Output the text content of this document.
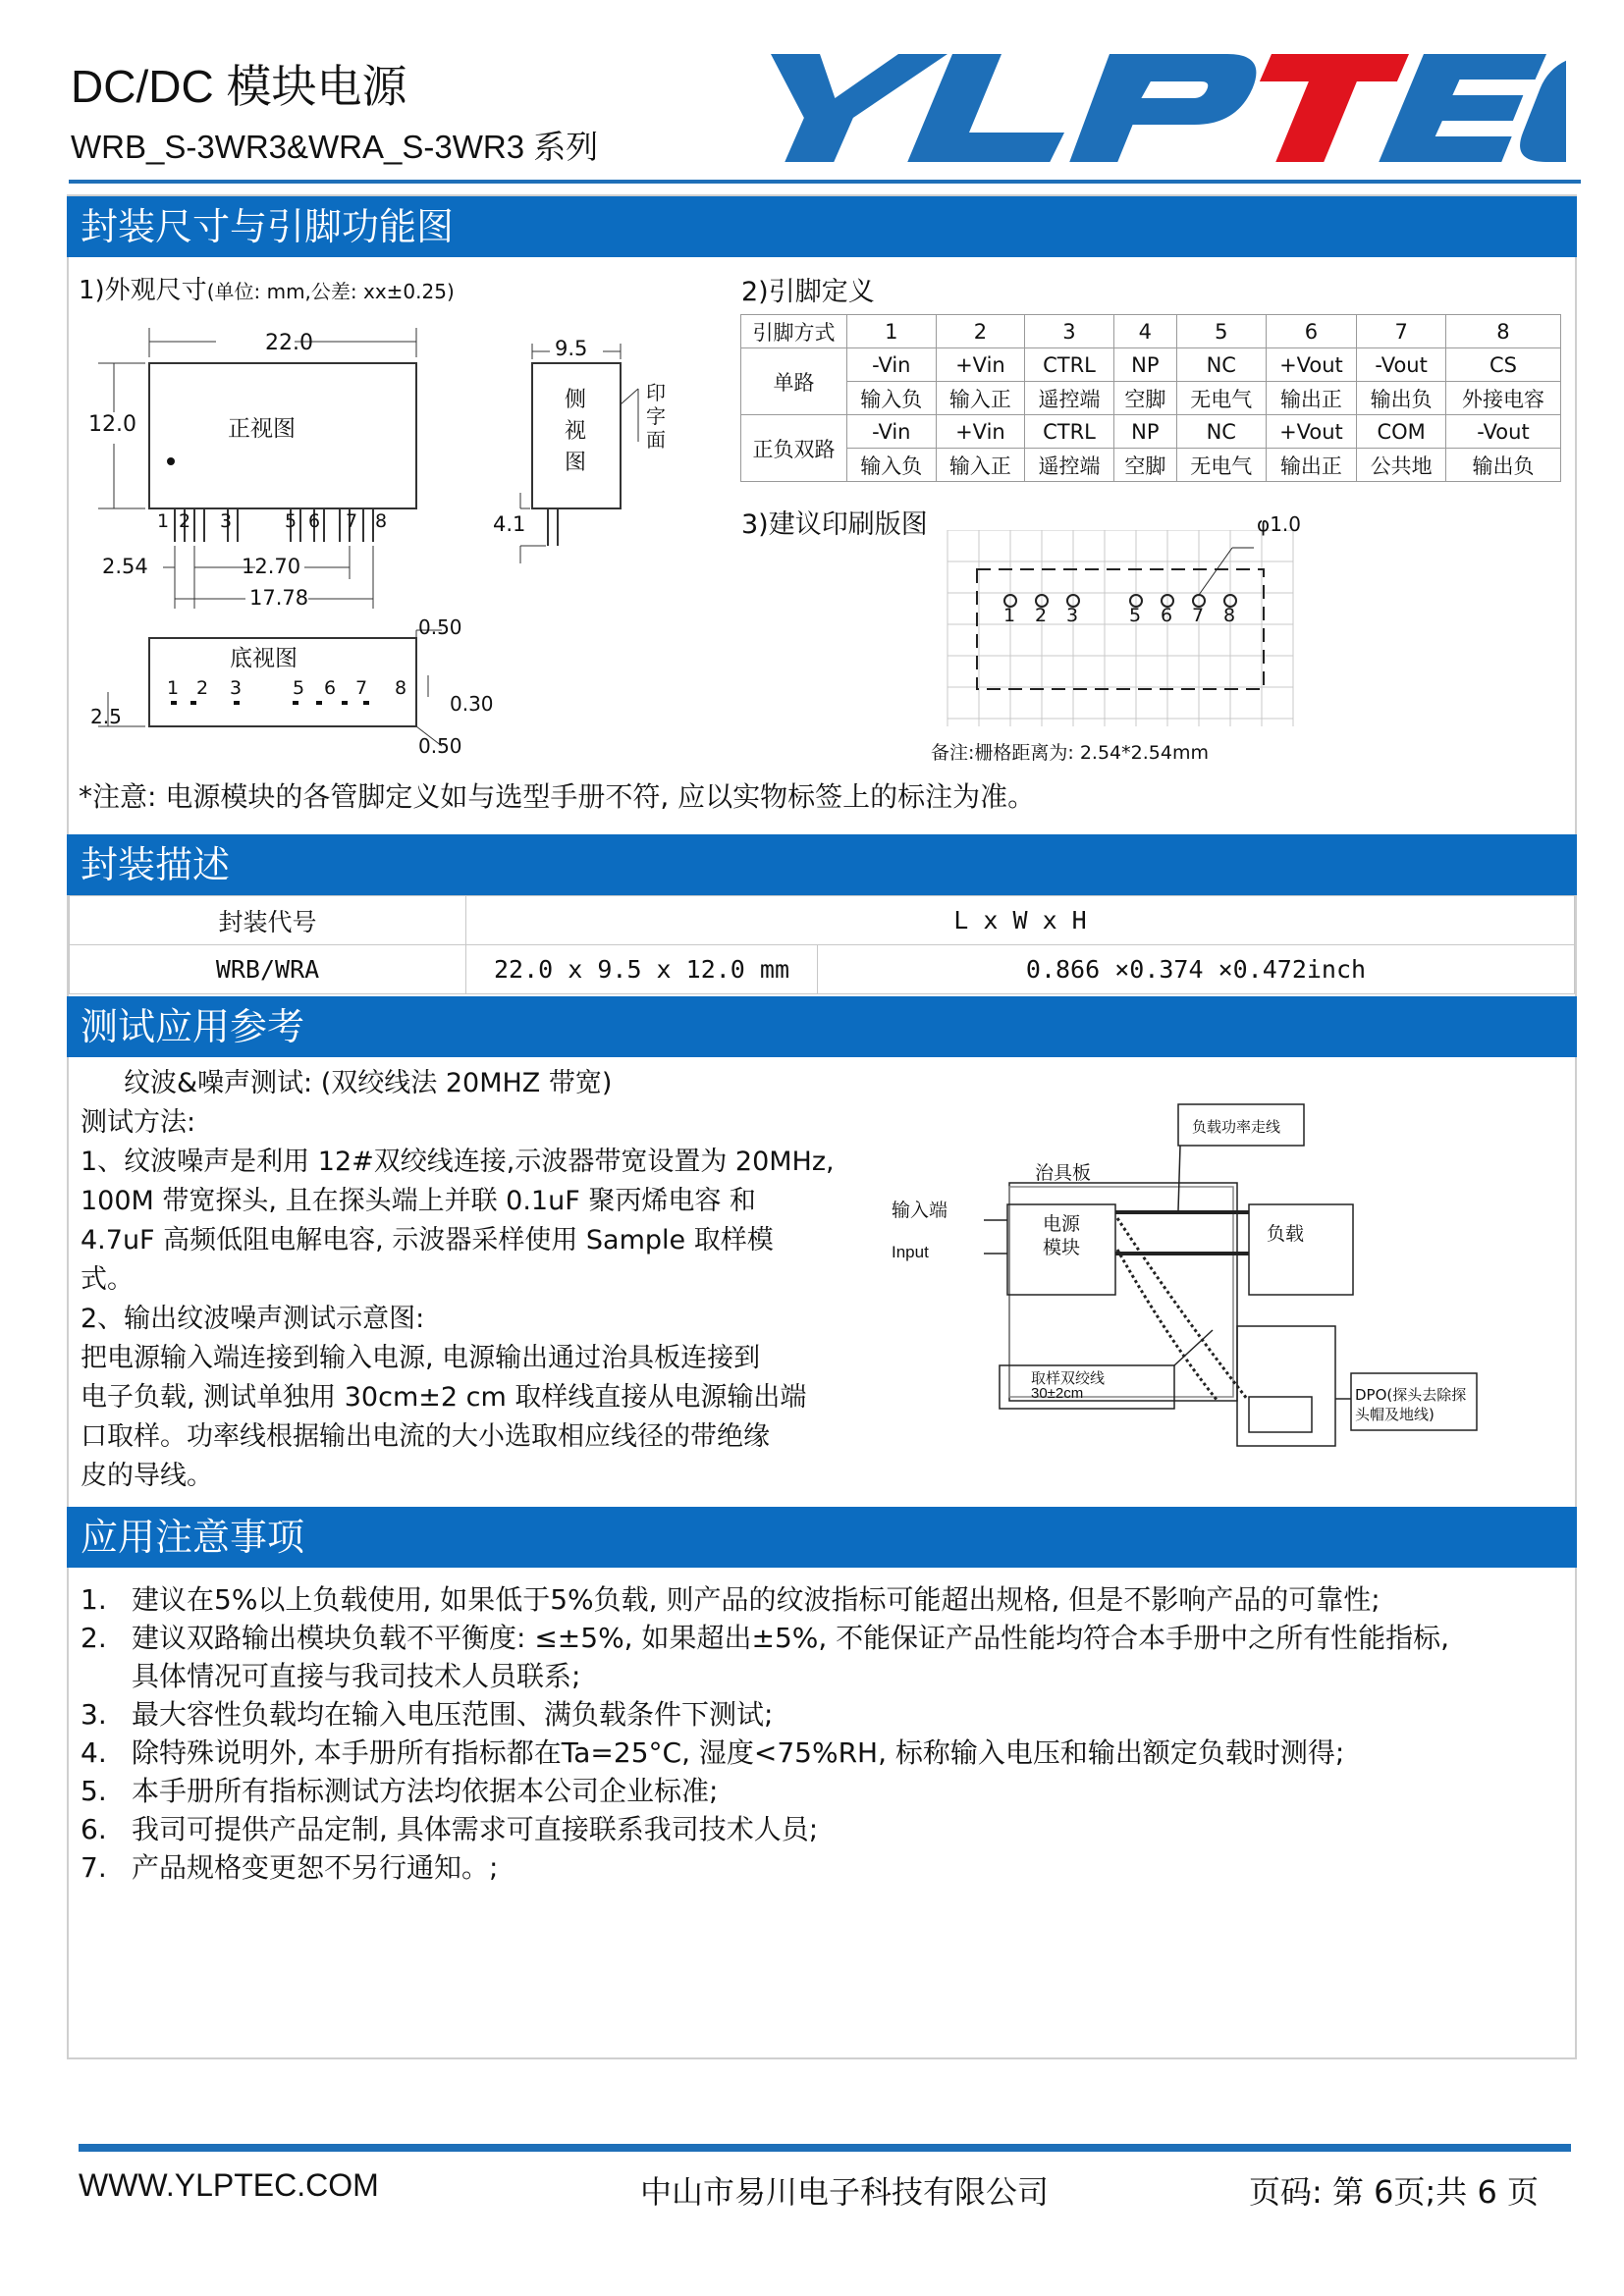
DC/DC 模块电源
WRB_S-3WR3&WRA_S-3WR3 系列
封装尺寸与引脚功能图
1)外观尺寸(单位: mm,公差: xx±0.25)	2)引脚定义
22.0
12.0	正视图
9.5
侧
视
图
印
字
面
4.1
1 2 3	5 6 7 8
2.54	12.70
17.78
0.50
底视图
1 2 3	5 6 7 8
2.5
0.30
0.50
引脚方式	1	2	3	4	5	6	7	8
单路	-Vin	+Vin	CTRL	NP	NC	+Vout	-Vout	CS
	输入负	输入正	遥控端	空脚	无电气	输出正	输出负	外接电容
正负双路	-Vin	+Vin	CTRL	NP	NC	+Vout	COM	-Vout
	输入负	输入正	遥控端	空脚	无电气	输出正	公共地	输出负
3)建议印刷版图	φ1.0
1 2 3	5 6 7 8
备注:栅格距离为: 2.54*2.54mm
*注意: 电源模块的各管脚定义如与选型手册不符, 应以实物标签上的标注为准。
封装描述
封装代号	L x W x H	
WRB/WRA	22.0 x 9.5 x 12.0 mm	0.866 ×0.374 ×0.472inch
测试应用参考
纹波&噪声测试: (双绞线法 20MHZ 带宽)
测试方法:
1、纹波噪声是利用 12#双绞线连接,示波器带宽设置为 20MHz,
100M 带宽探头, 且在探头端上并联 0.1uF 聚丙烯电容 和
4.7uF 高频低阻电解电容, 示波器采样使用 Sample 取样模
式。
2、输出纹波噪声测试示意图:
把电源输入端连接到输入电源, 电源输出通过治具板连接到
电子负载, 测试单独用 30cm±2 cm 取样线直接从电源输出端
口取样。功率线根据输出电流的大小选取相应线径的带绝缘
皮的导线。
负载功率走线
治具板
输入端
Input
电源
模块
负载
取样双绞线
30±2cm	DPO(探头去除探
头帽及地线)
应用注意事项
1. 建议在5%以上负载使用, 如果低于5%负载, 则产品的纹波指标可能超出规格, 但是不影响产品的可靠性;
2. 建议双路输出模块负载不平衡度: ≤±5%, 如果超出±5%, 不能保证产品性能均符合本手册中之所有性能指标,
具体情况可直接与我司技术人员联系;
3. 最大容性负载均在输入电压范围、满负载条件下测试;
4. 除特殊说明外, 本手册所有指标都在Ta=25°C, 湿度<75%RH, 标称输入电压和输出额定负载时测得;
5. 本手册所有指标测试方法均依据本公司企业标准;
6. 我司可提供产品定制, 具体需求可直接联系我司技术人员;
7. 产品规格变更恕不另行通知。;
WWW.YLPTEC.COM	中山市易川电子科技有限公司	页码: 第 6页;共 6 页
